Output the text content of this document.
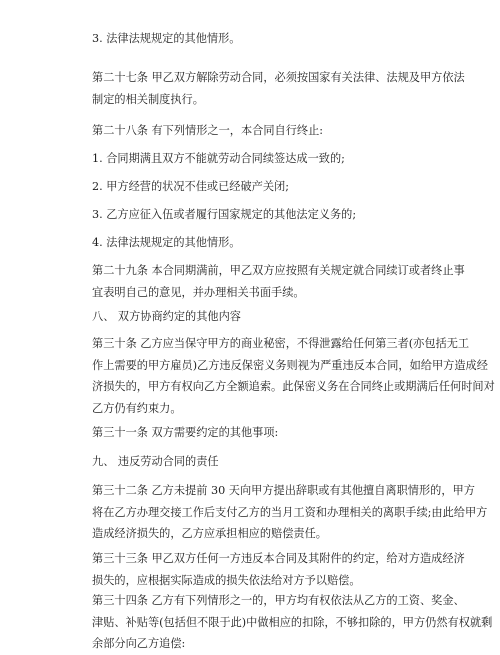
3. 法律法规规定的其他情形。

第二十七条 甲乙双方解除劳动合同，必须按国家有关法律、法规及甲方依法
制定的相关制度执行。

第二十八条 有下列情形之一，本合同自行终止:

1. 合同期满且双方不能就劳动合同续签达成一致的;

2. 甲方经营的状况不佳或已经破产关闭;

3. 乙方应征入伍或者履行国家规定的其他法定义务的;

4. 法律法规规定的其他情形。

第二十九条 本合同期满前，甲乙双方应按照有关规定就合同续订或者终止事
宜表明自己的意见，并办理相关书面手续。

八、 双方协商约定的其他内容

第三十条 乙方应当保守甲方的商业秘密，不得泄露给任何第三者(亦包括无工
作上需要的甲方雇员)乙方违反保密义务则视为严重违反本合同，如给甲方造成经
济损失的，甲方有权向乙方全额追索。此保密义务在合同终止或期满后任何时间对
乙方仍有约束力。

第三十一条 双方需要约定的其他事项:

九、 违反劳动合同的责任

第三十二条 乙方未提前 30 天向甲方提出辞职或有其他擅自离职情形的，甲方
将在乙方办理交接工作后支付乙方的当月工资和办理相关的离职手续;由此给甲方
造成经济损失的，乙方应承担相应的赔偿责任。

第三十三条 甲乙双方任何一方违反本合同及其附件的约定，给对方造成经济
损失的，应根据实际造成的损失依法给对方予以赔偿。

第三十四条 乙方有下列情形之一的，甲方均有权依法从乙方的工资、奖金、
津贴、补贴等(包括但不限于此)中做相应的扣除，不够扣除的，甲方仍然有权就剩
余部分向乙方追偿:
